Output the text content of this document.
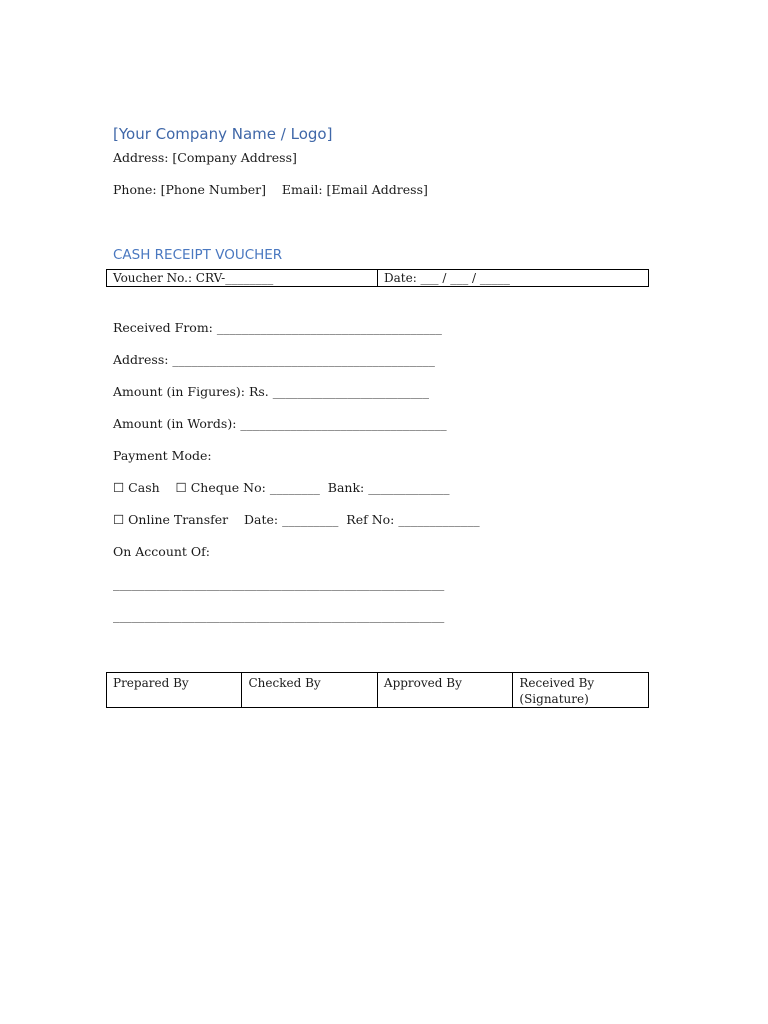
[Your Company Name / Logo]
Address: [Company Address]
Phone: [Phone Number]    Email: [Email Address]
CASH RECEIPT VOUCHER
Voucher No.: CRV-________	Date: ___ / ___ / _____
Received From: ____________________________________
Address: __________________________________________
Amount (in Figures): Rs. _________________________
Amount (in Words): _________________________________
Payment Mode:
☐ Cash    ☐ Cheque No: ________  Bank: _____________
☐ Online Transfer    Date: _________  Ref No: _____________
On Account Of:
_____________________________________________________
_____________________________________________________
Prepared By	Checked By	Approved By	Received By
(Signature)
